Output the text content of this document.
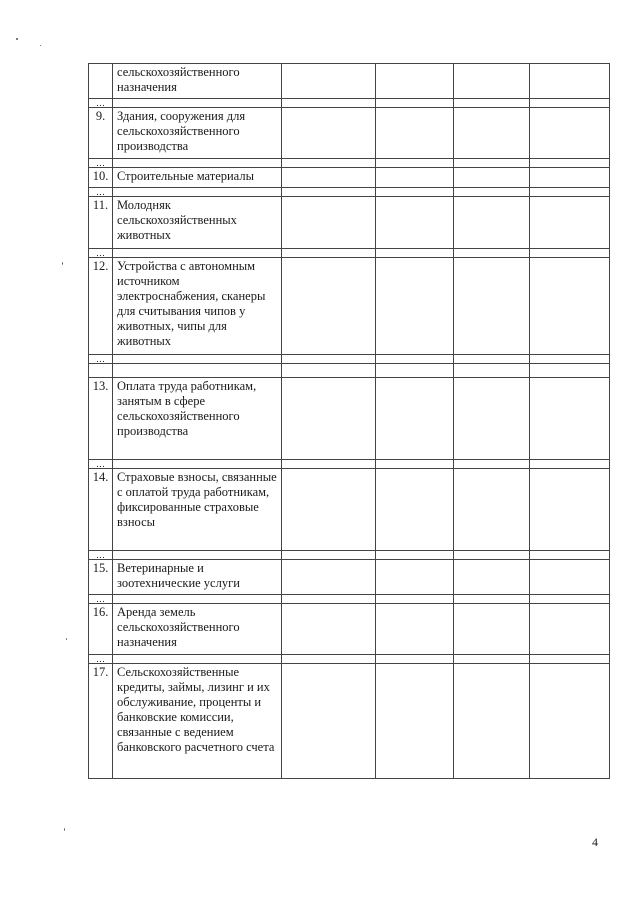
	сельскохозяйственного назначения				
…					
9.	Здания, сооружения для сельскохозяйственного производства				
…					
10.	Строительные материалы				
…					
11.	Молодняк сельскохозяйственных животных				
…					
12.	Устройства с автономным источником электроснабжения, сканеры для считывания чипов у животных, чипы для животных				
…					

13.	Оплата труда работникам, занятым в сфере сельскохозяйственного производства				
…					
14.	Страховые взносы, связанные с оплатой труда работникам, фиксированные страховые взносы				
…					
15.	Ветеринарные и зоотехнические услуги				
…					
16.	Аренда земель сельскохозяйственного назначения				
…					
17.	Сельскохозяйственные кредиты, займы, лизинг и их обслуживание, проценты и банковские комиссии, связанные с ведением банковского расчетного счета				
4
